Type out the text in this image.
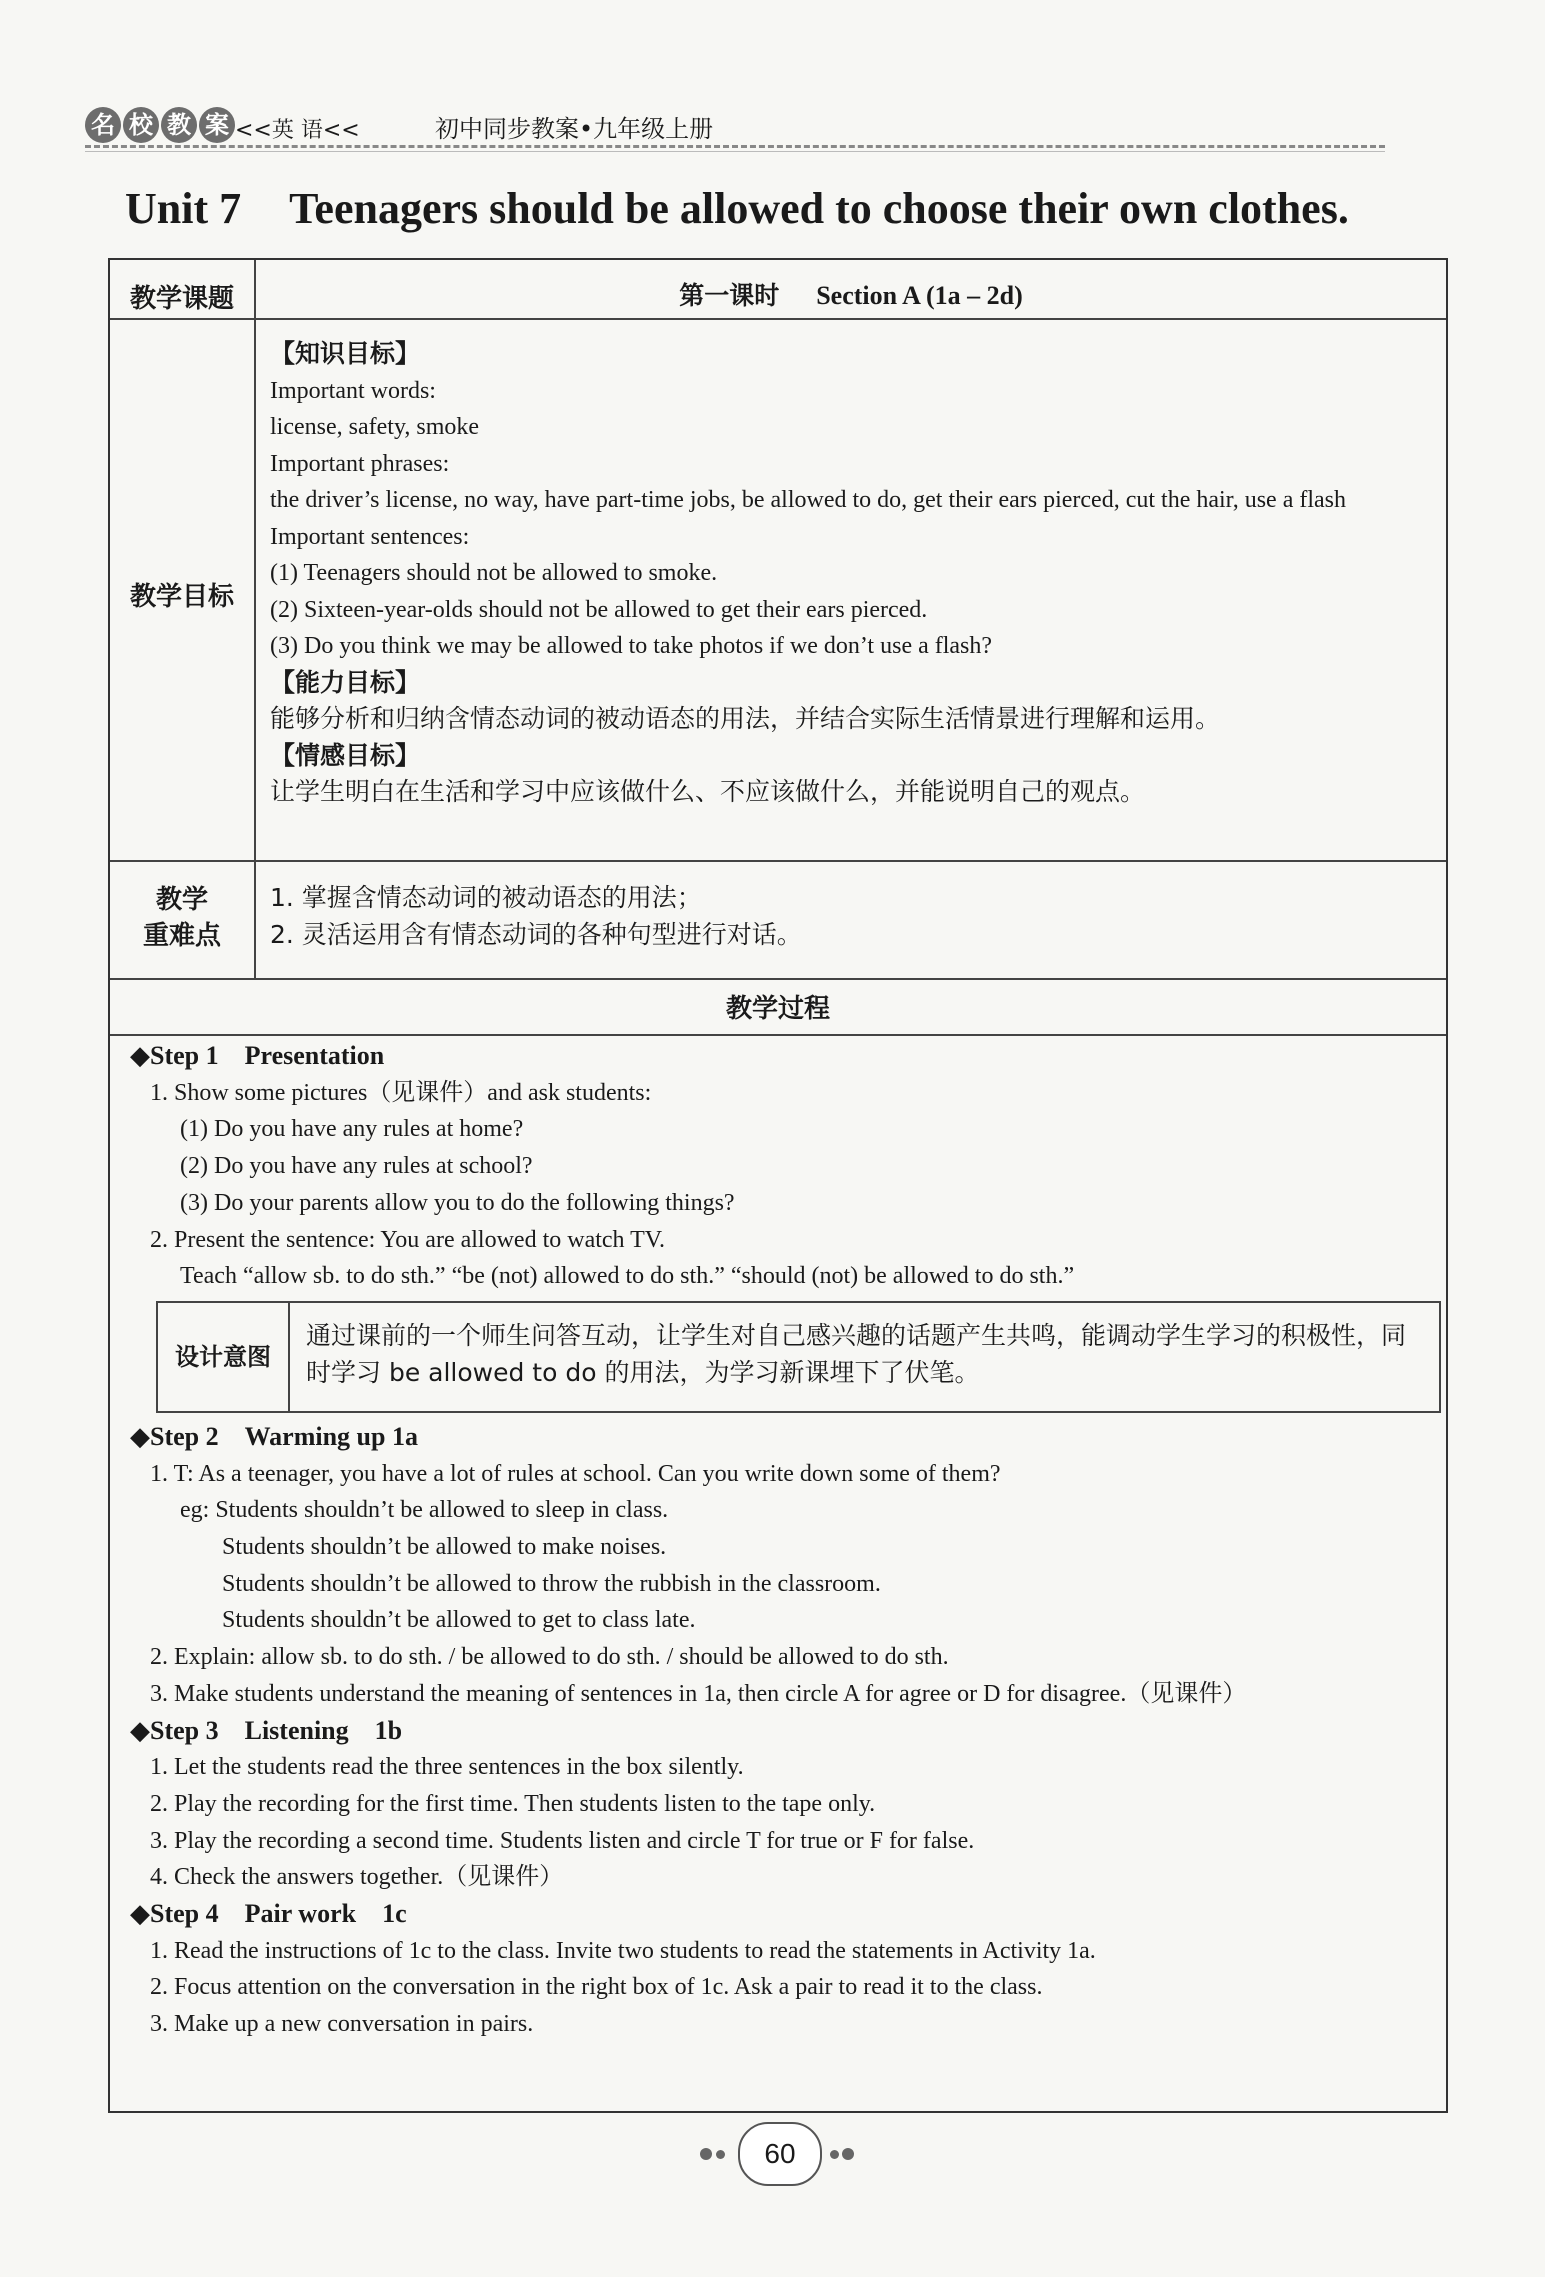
名 校 教 案 <<英 语<<	初中同步教案•九年级上册
Unit 7 Teenagers should be allowed to choose their own clothes.
教学课题	第一课时 Section A (1a – 2d)
教学目标
【知识目标】
Important words:
license, safety, smoke
Important phrases:
the driver’s license, no way, have part-time jobs, be allowed to do, get their ears pierced, cut the hair, use a flash
Important sentences:
(1) Teenagers should not be allowed to smoke.
(2) Sixteen-year-olds should not be allowed to get their ears pierced.
(3) Do you think we may be allowed to take photos if we don’t use a flash?
【能力目标】
能够分析和归纳含情态动词的被动语态的用法，并结合实际生活情景进行理解和运用。
【情感目标】
让学生明白在生活和学习中应该做什么、不应该做什么，并能说明自己的观点。
教学
重难点
1. 掌握含情态动词的被动语态的用法；
2. 灵活运用含有情态动词的各种句型进行对话。
教学过程
◆Step 1　Presentation
1. Show some pictures（见课件）and ask students:
(1) Do you have any rules at home?
(2) Do you have any rules at school?
(3) Do your parents allow you to do the following things?
2. Present the sentence: You are allowed to watch TV.
Teach “allow sb. to do sth.” “be (not) allowed to do sth.” “should (not) be allowed to do sth.”
设计意图
通过课前的一个师生问答互动，让学生对自己感兴趣的话题产生共鸣，能调动学生学习的积极性，同时学习 be allowed to do 的用法，为学习新课埋下了伏笔。
◆Step 2　Warming up 1a
1. T: As a teenager, you have a lot of rules at school. Can you write down some of them?
eg: Students shouldn’t be allowed to sleep in class.
Students shouldn’t be allowed to make noises.
Students shouldn’t be allowed to throw the rubbish in the classroom.
Students shouldn’t be allowed to get to class late.
2. Explain: allow sb. to do sth. / be allowed to do sth. / should be allowed to do sth.
3. Make students understand the meaning of sentences in 1a, then circle A for agree or D for disagree.（见课件）
◆Step 3　Listening　1b
1. Let the students read the three sentences in the box silently.
2. Play the recording for the first time. Then students listen to the tape only.
3. Play the recording a second time. Students listen and circle T for true or F for false.
4. Check the answers together.（见课件）
◆Step 4　Pair work　1c
1. Read the instructions of 1c to the class. Invite two students to read the statements in Activity 1a.
2. Focus attention on the conversation in the right box of 1c. Ask a pair to read it to the class.
3. Make up a new conversation in pairs.
60
